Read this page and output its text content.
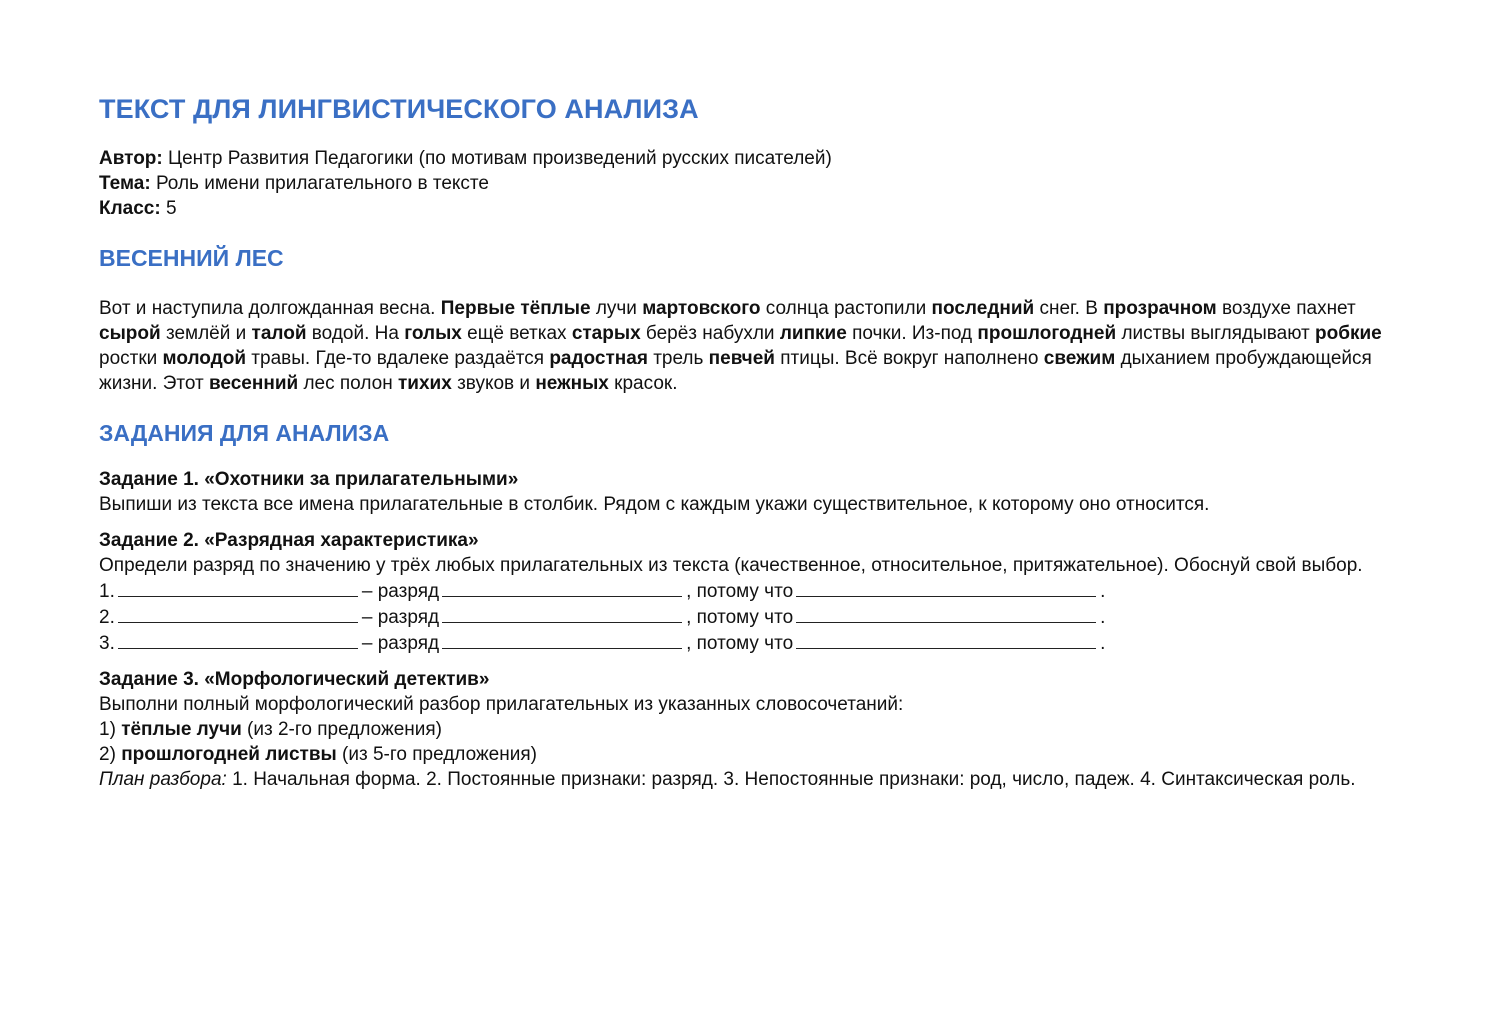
ТЕКСТ ДЛЯ ЛИНГВИСТИЧЕСКОГО АНАЛИЗА
Автор: Центр Развития Педагогики (по мотивам произведений русских писателей)
Тема: Роль имени прилагательного в тексте
Класс: 5
ВЕСЕННИЙ ЛЕС
Вот и наступила долгожданная весна. Первые тёплые лучи мартовского солнца растопили последний снег. В прозрачном воздухе пахнет сырой землёй и талой водой. На голых ещё ветках старых берёз набухли липкие почки. Из-под прошлогодней листвы выглядывают робкие ростки молодой травы. Где-то вдалеке раздаётся радостная трель певчей птицы. Всё вокруг наполнено свежим дыханием пробуждающейся жизни. Этот весенний лес полон тихих звуков и нежных красок.
ЗАДАНИЯ ДЛЯ АНАЛИЗА
Задание 1. «Охотники за прилагательными»
Выпиши из текста все имена прилагательные в столбик. Рядом с каждым укажи существительное, к которому оно относится.
Задание 2. «Разрядная характеристика»
Определи разряд по значению у трёх любых прилагательных из текста (качественное, относительное, притяжательное). Обоснуй свой выбор.
1.	– разряд	, потому что	.
2.	– разряд	, потому что	.
3.	– разряд	, потому что	.
Задание 3. «Морфологический детектив»
Выполни полный морфологический разбор прилагательных из указанных словосочетаний:
1) тёплые лучи (из 2-го предложения)
2) прошлогодней листвы (из 5-го предложения)
План разбора: 1. Начальная форма. 2. Постоянные признаки: разряд. 3. Непостоянные признаки: род, число, падеж. 4. Синтаксическая роль.
